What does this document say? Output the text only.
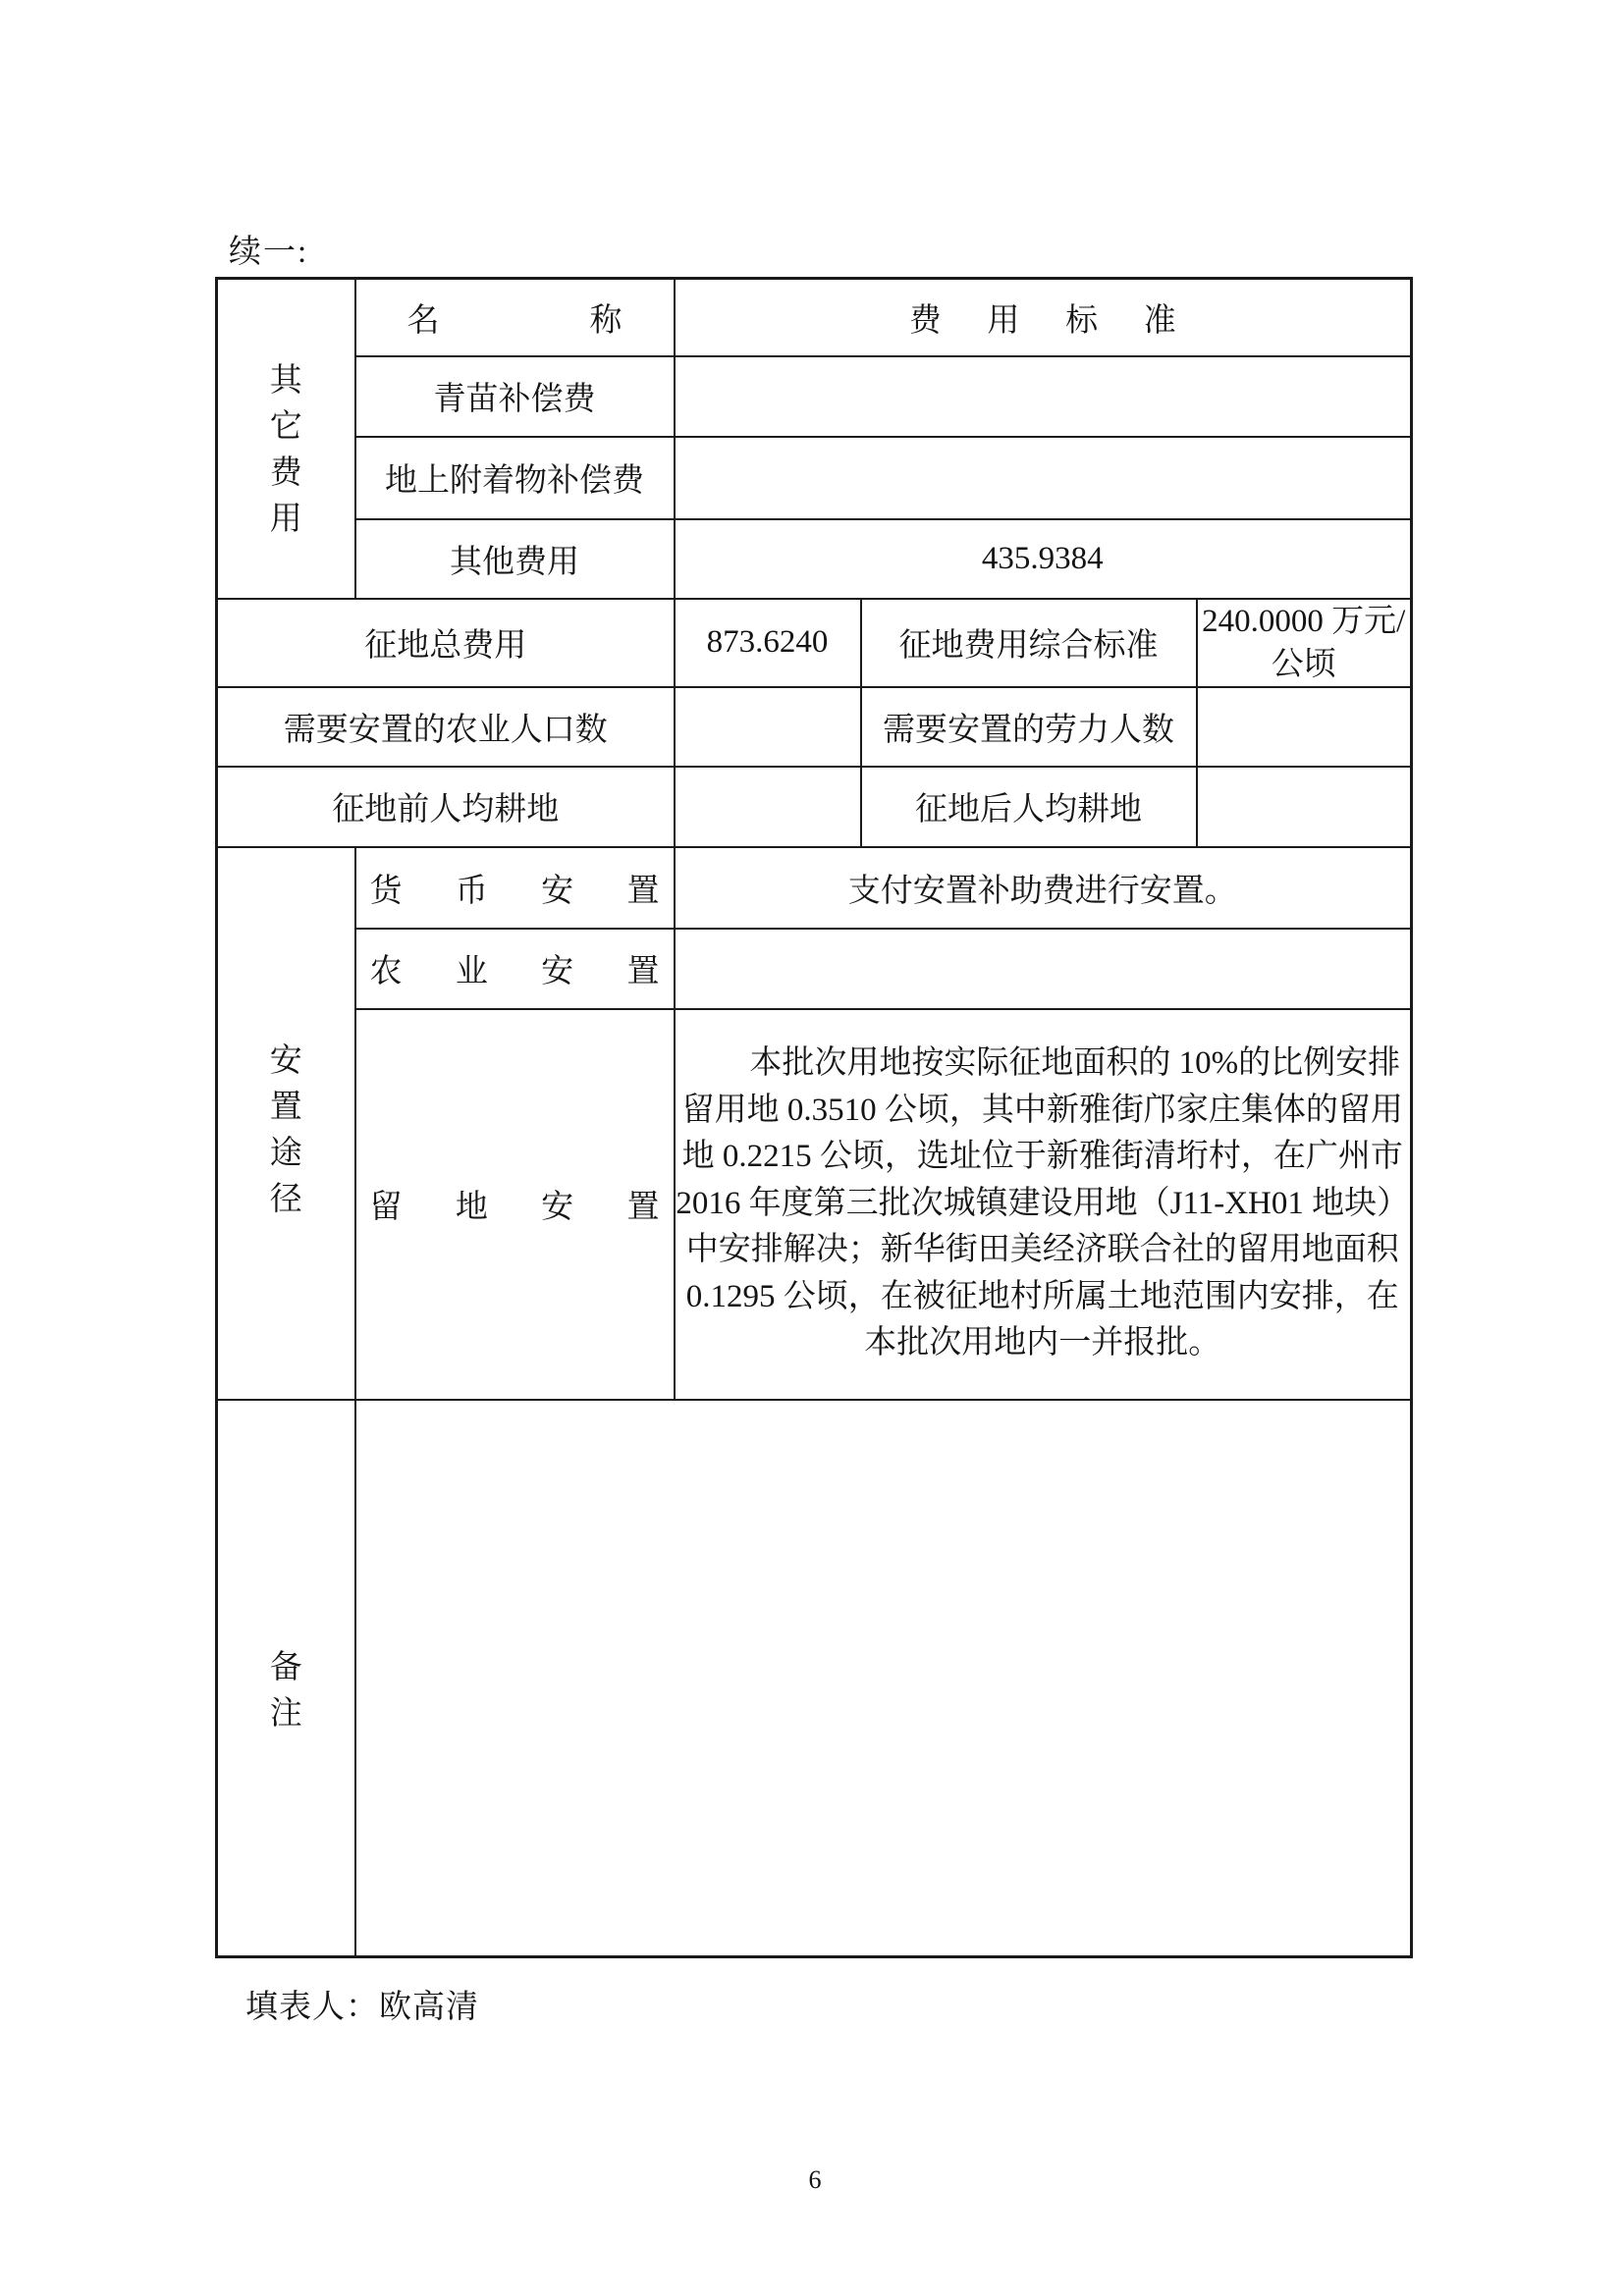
续一:
其
它
费
用	名 称	费 用 标 准		

	青苗补偿费			
	地上附着物补偿费			
	其他费用	435.9384		
征地总费用		873.6240	征地费用综合标准	240.0000 万元/公顷
需要安置的农业人口数			需要安置的劳力人数	
征地前人均耕地			征地后人均耕地	

安
置
途
径	货 币 安 置	支付安置补助费进行安置。		

	农 业 安 置			

	留 地 安 置	本批次用地按实际征地面积的 10%的比例安排留用地 0.3510 公顷，其中新雅街邝家庄集体的留用地 0.2215 公顷，选址位于新雅街清垳村，在广州市 2016 年度第三批次城镇建设用地（J11-XH01 地块）中安排解决；新华街田美经济联合社的留用地面积 0.1295 公顷，在被征地村所属土地范围内安排，在本批次用地内一并报批。		

备
注				

填表人：欧高清
6
